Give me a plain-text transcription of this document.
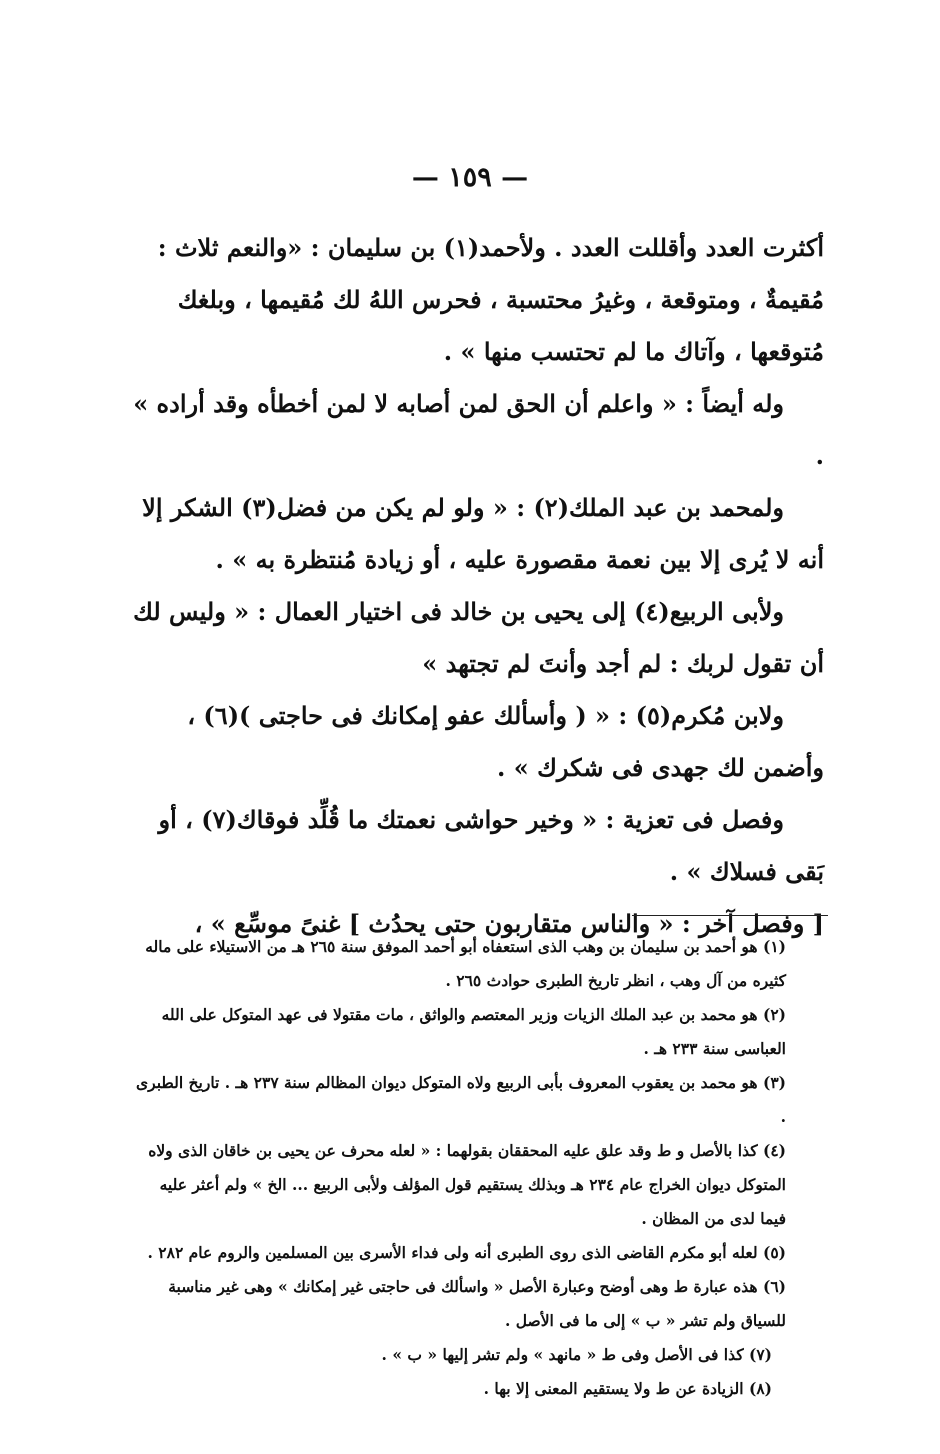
— ١٥٩ —

أكثرت العدد وأقللت العدد . ولأحمد(١) بن سليمان : «والنعم ثلاث : مُقيمةٌ ، ومتوقعة ، وغيرُ محتسبة ، فحرس اللهُ لك مُقيمها ، وبلغك مُتوقعها ، وآتاك ما لم تحتسب منها » .

وله أيضاً : « واعلم أن الحق لمن أصابه لا لمن أخطأه وقد أراده » .

ولمحمد بن عبد الملك(٢) : « ولو لم يكن من فضل(٣) الشكر إلا أنه لا يُرى إلا بين نعمة مقصورة عليه ، أو زيادة مُنتظرة به » .

ولأبى الربيع(٤) إلى يحيى بن خالد فى اختيار العمال : « وليس لك أن تقول لربك : لم أجد وأنتَ لم تجتهد »

ولابن مُكرم(٥) : « ( وأسألك عفو إمكانك فى حاجتى )(٦) ، وأضمن لك جهدى فى شكرك » .

وفصل فى تعزية : « وخير حواشى نعمتك ما قُلِّد فوقاك(٧) ، أو بَقى فسلاك » .

[ وفصل آخر : « والناس متقاربون حتى يحدُث ] غنىً موسِّع » ،

(١) هو أحمد بن سليمان بن وهب الذى استعفاه أبو أحمد الموفق سنة ٢٦٥ هـ من الاستيلاء على ماله كثيره من آل وهب ، انظر تاريخ الطبرى حوادث ٢٦٥ .

(٢) هو محمد بن عبد الملك الزيات وزير المعتصم والواثق ، مات مقتولا فى عهد المتوكل على الله العباسى سنة ٢٣٣ هـ .

(٣) هو محمد بن يعقوب المعروف بأبى الربيع ولاه المتوكل ديوان المظالم سنة ٢٣٧ هـ . تاريخ الطبرى .

(٤) كذا بالأصل و ط وقد علق عليه المحققان بقولهما : « لعله محرف عن يحيى بن خاقان الذى ولاه المتوكل ديوان الخراج عام ٢٣٤ هـ وبذلك يستقيم قول المؤلف ولأبى الربيع ... الخ » ولم أعثر عليه فيما لدى من المظان .

(٥) لعله أبو مكرم القاضى الذى روى الطبرى أنه ولى فداء الأسرى بين المسلمين والروم عام ٢٨٢ .

(٦) هذه عبارة ط وهى أوضح وعبارة الأصل « واسألك فى حاجتى غير إمكانك » وهى غير مناسبة للسياق ولم تشر « ب » إلى ما فى الأصل .

(٧) كذا فى الأصل وفى ط « مانهد » ولم تشر إليها « ب » .

(٨) الزيادة عن ط ولا يستقيم المعنى إلا بها .
